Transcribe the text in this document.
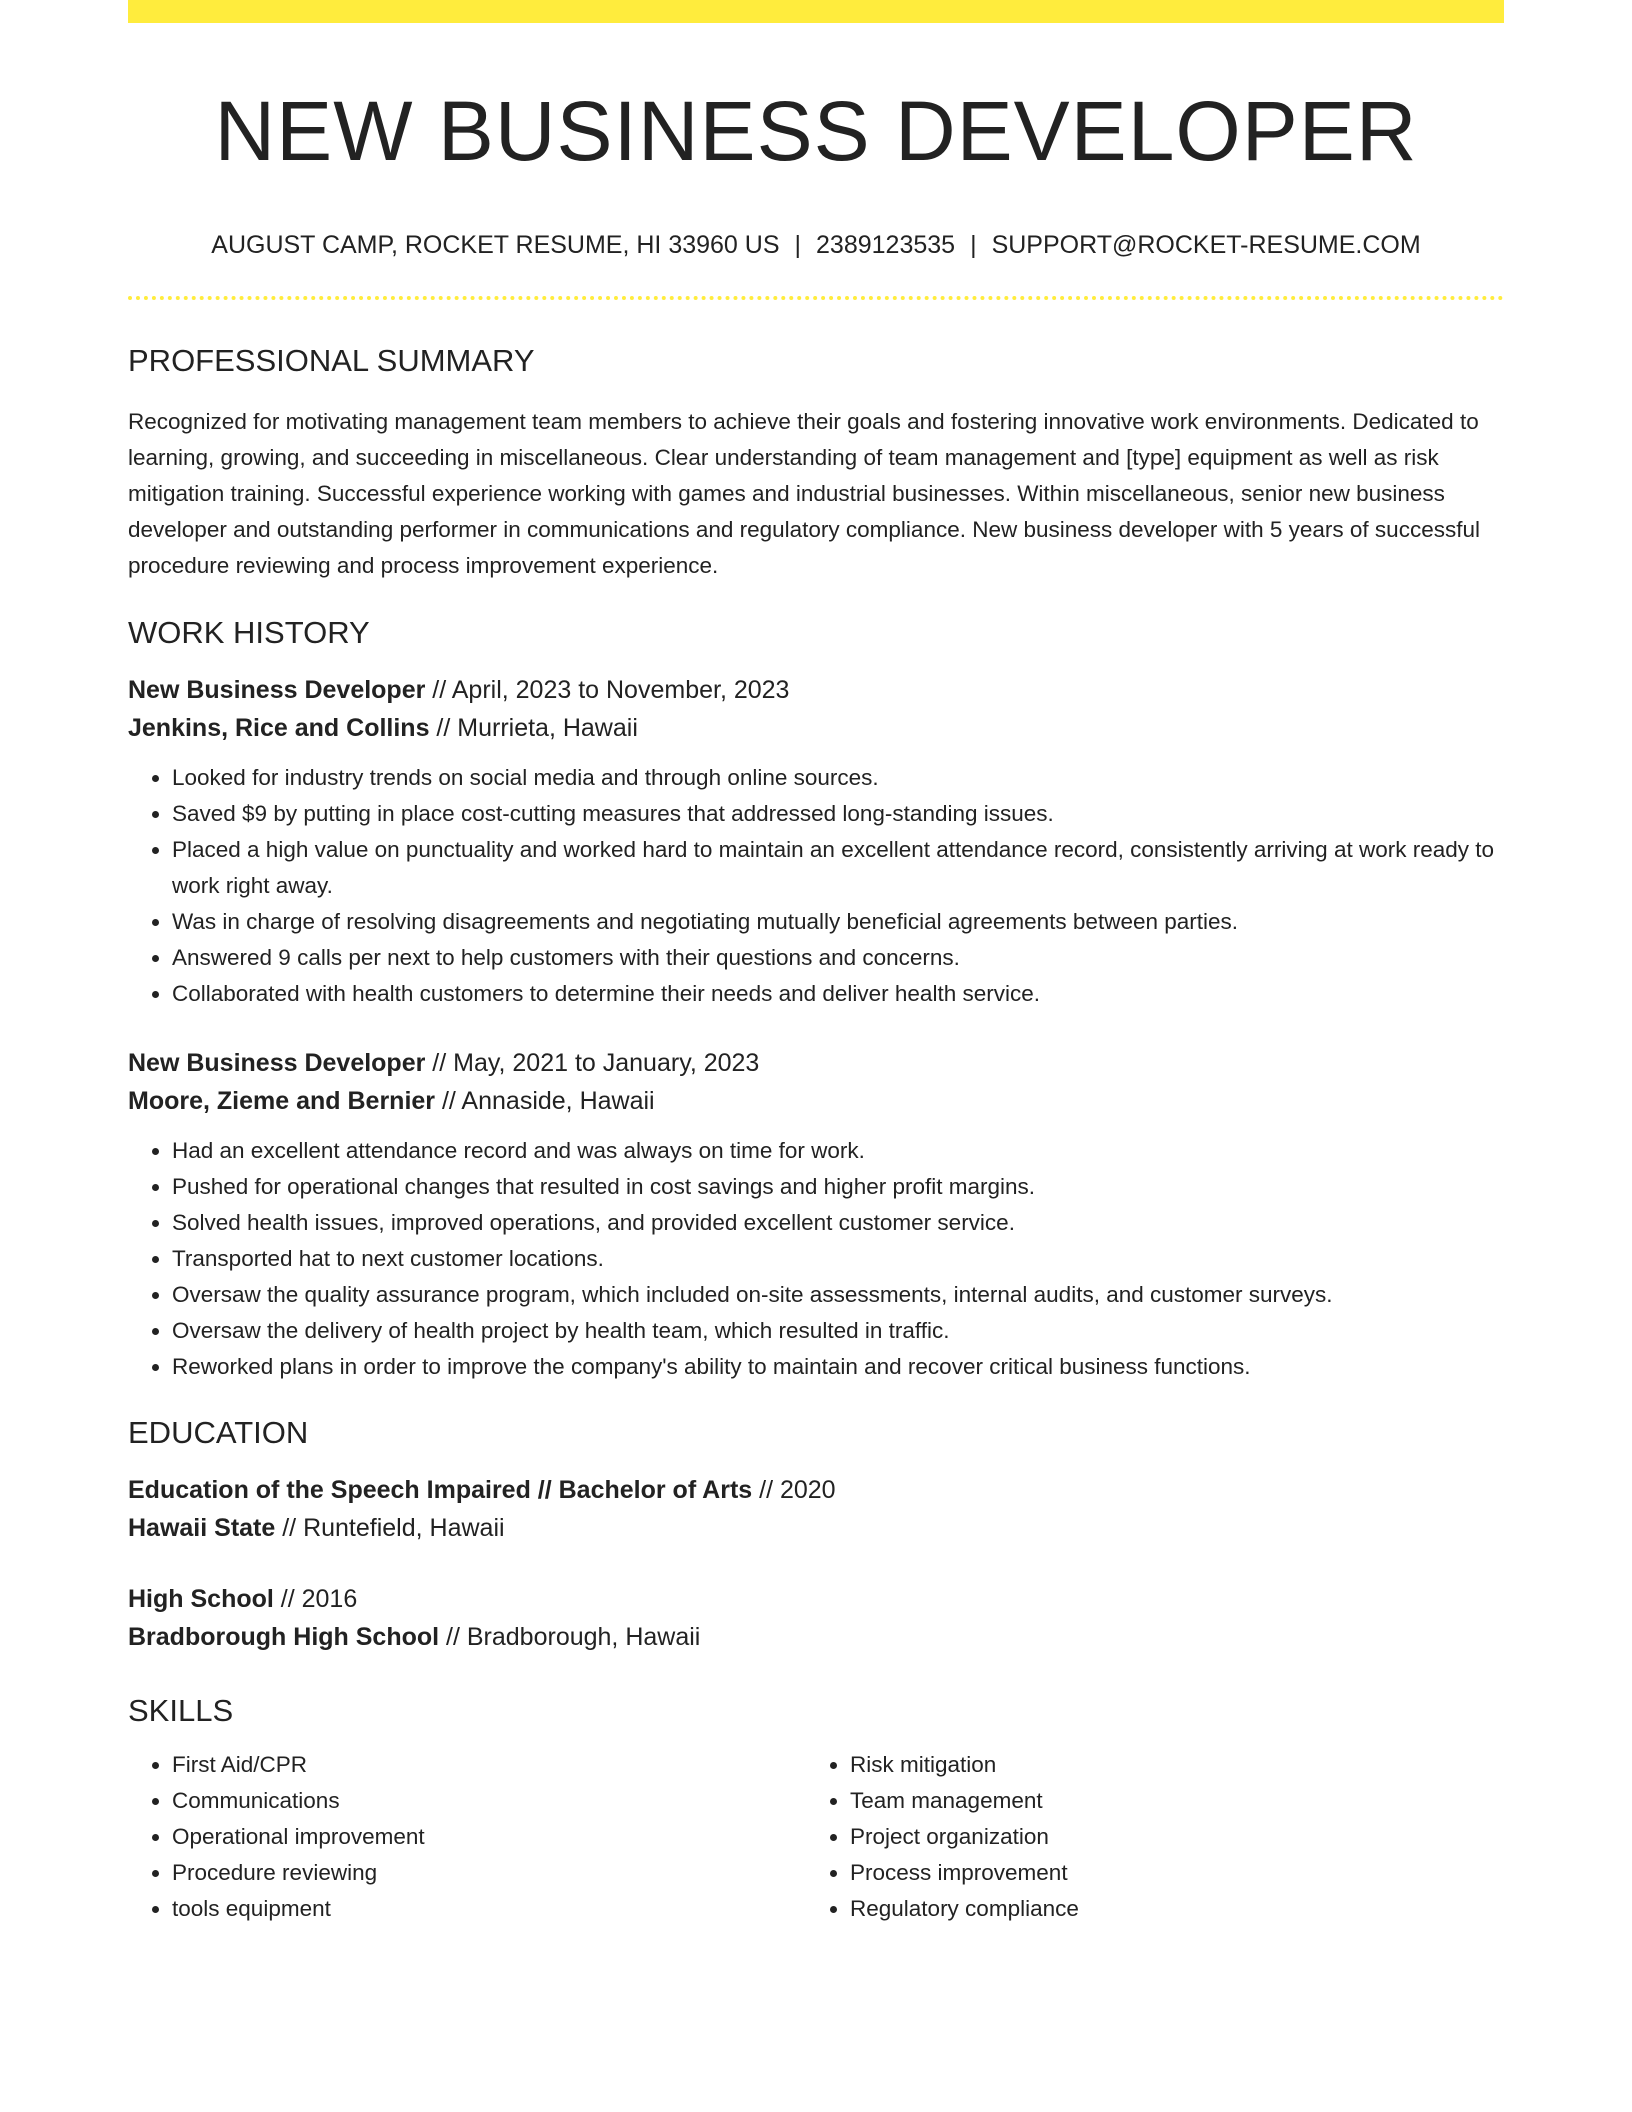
NEW BUSINESS DEVELOPER
AUGUST CAMP, ROCKET RESUME, HI 33960 US | 2389123535 | SUPPORT@ROCKET-RESUME.COM
PROFESSIONAL SUMMARY
Recognized for motivating management team members to achieve their goals and fostering innovative work environments. Dedicated to learning, growing, and succeeding in miscellaneous. Clear understanding of team management and [type] equipment as well as risk mitigation training. Successful experience working with games and industrial businesses. Within miscellaneous, senior new business developer and outstanding performer in communications and regulatory compliance. New business developer with 5 years of successful procedure reviewing and process improvement experience.
WORK HISTORY
New Business Developer // April, 2023 to November, 2023
Jenkins, Rice and Collins // Murrieta, Hawaii
• Looked for industry trends on social media and through online sources.
• Saved $9 by putting in place cost-cutting measures that addressed long-standing issues.
• Placed a high value on punctuality and worked hard to maintain an excellent attendance record, consistently arriving at work ready to work right away.
• Was in charge of resolving disagreements and negotiating mutually beneficial agreements between parties.
• Answered 9 calls per next to help customers with their questions and concerns.
• Collaborated with health customers to determine their needs and deliver health service.
New Business Developer // May, 2021 to January, 2023
Moore, Zieme and Bernier // Annaside, Hawaii
• Had an excellent attendance record and was always on time for work.
• Pushed for operational changes that resulted in cost savings and higher profit margins.
• Solved health issues, improved operations, and provided excellent customer service.
• Transported hat to next customer locations.
• Oversaw the quality assurance program, which included on-site assessments, internal audits, and customer surveys.
• Oversaw the delivery of health project by health team, which resulted in traffic.
• Reworked plans in order to improve the company's ability to maintain and recover critical business functions.
EDUCATION
Education of the Speech Impaired // Bachelor of Arts // 2020
Hawaii State // Runtefield, Hawaii
High School // 2016
Bradborough High School // Bradborough, Hawaii
SKILLS
• First Aid/CPR
• Communications
• Operational improvement
• Procedure reviewing
• tools equipment
• Risk mitigation
• Team management
• Project organization
• Process improvement
• Regulatory compliance
